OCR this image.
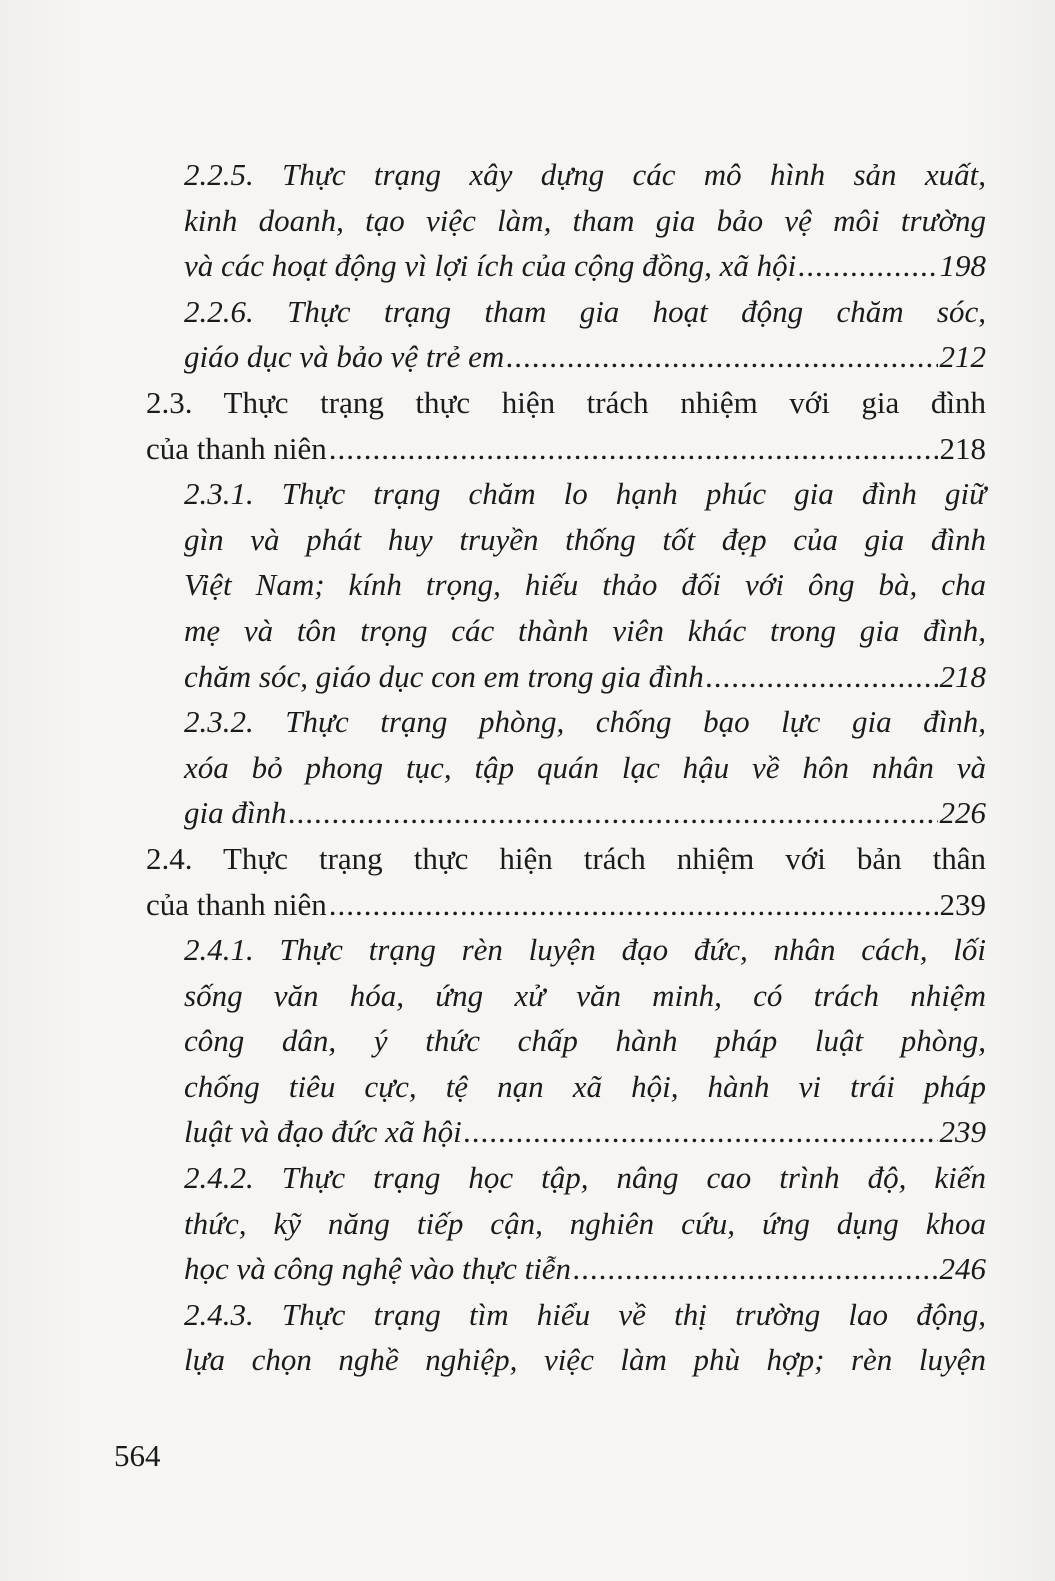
2.2.5. Thực trạng xây dựng các mô hình sản xuất,
kinh doanh, tạo việc làm, tham gia bảo vệ môi trường
và các hoạt động vì lợi ích của cộng đồng, xã hội .....	198
2.2.6. Thực trạng tham gia hoạt động chăm sóc,
giáo dục và bảo vệ trẻ em .....	212
2.3. Thực trạng thực hiện trách nhiệm với gia đình
của thanh niên .....	218
2.3.1. Thực trạng chăm lo hạnh phúc gia đình giữ
gìn và phát huy truyền thống tốt đẹp của gia đình
Việt Nam; kính trọng, hiếu thảo đối với ông bà, cha
mẹ và tôn trọng các thành viên khác trong gia đình,
chăm sóc, giáo dục con em trong gia đình .....	218
2.3.2. Thực trạng phòng, chống bạo lực gia đình,
xóa bỏ phong tục, tập quán lạc hậu về hôn nhân và
gia đình .....	226
2.4. Thực trạng thực hiện trách nhiệm với bản thân
của thanh niên .....	239
2.4.1. Thực trạng rèn luyện đạo đức, nhân cách, lối
sống văn hóa, ứng xử văn minh, có trách nhiệm
công dân, ý thức chấp hành pháp luật phòng,
chống tiêu cực, tệ nạn xã hội, hành vi trái pháp
luật và đạo đức xã hội .....	239
2.4.2. Thực trạng học tập, nâng cao trình độ, kiến
thức, kỹ năng tiếp cận, nghiên cứu, ứng dụng khoa
học và công nghệ vào thực tiễn .....	246
2.4.3. Thực trạng tìm hiểu về thị trường lao động,
lựa chọn nghề nghiệp, việc làm phù hợp; rèn luyện
564
